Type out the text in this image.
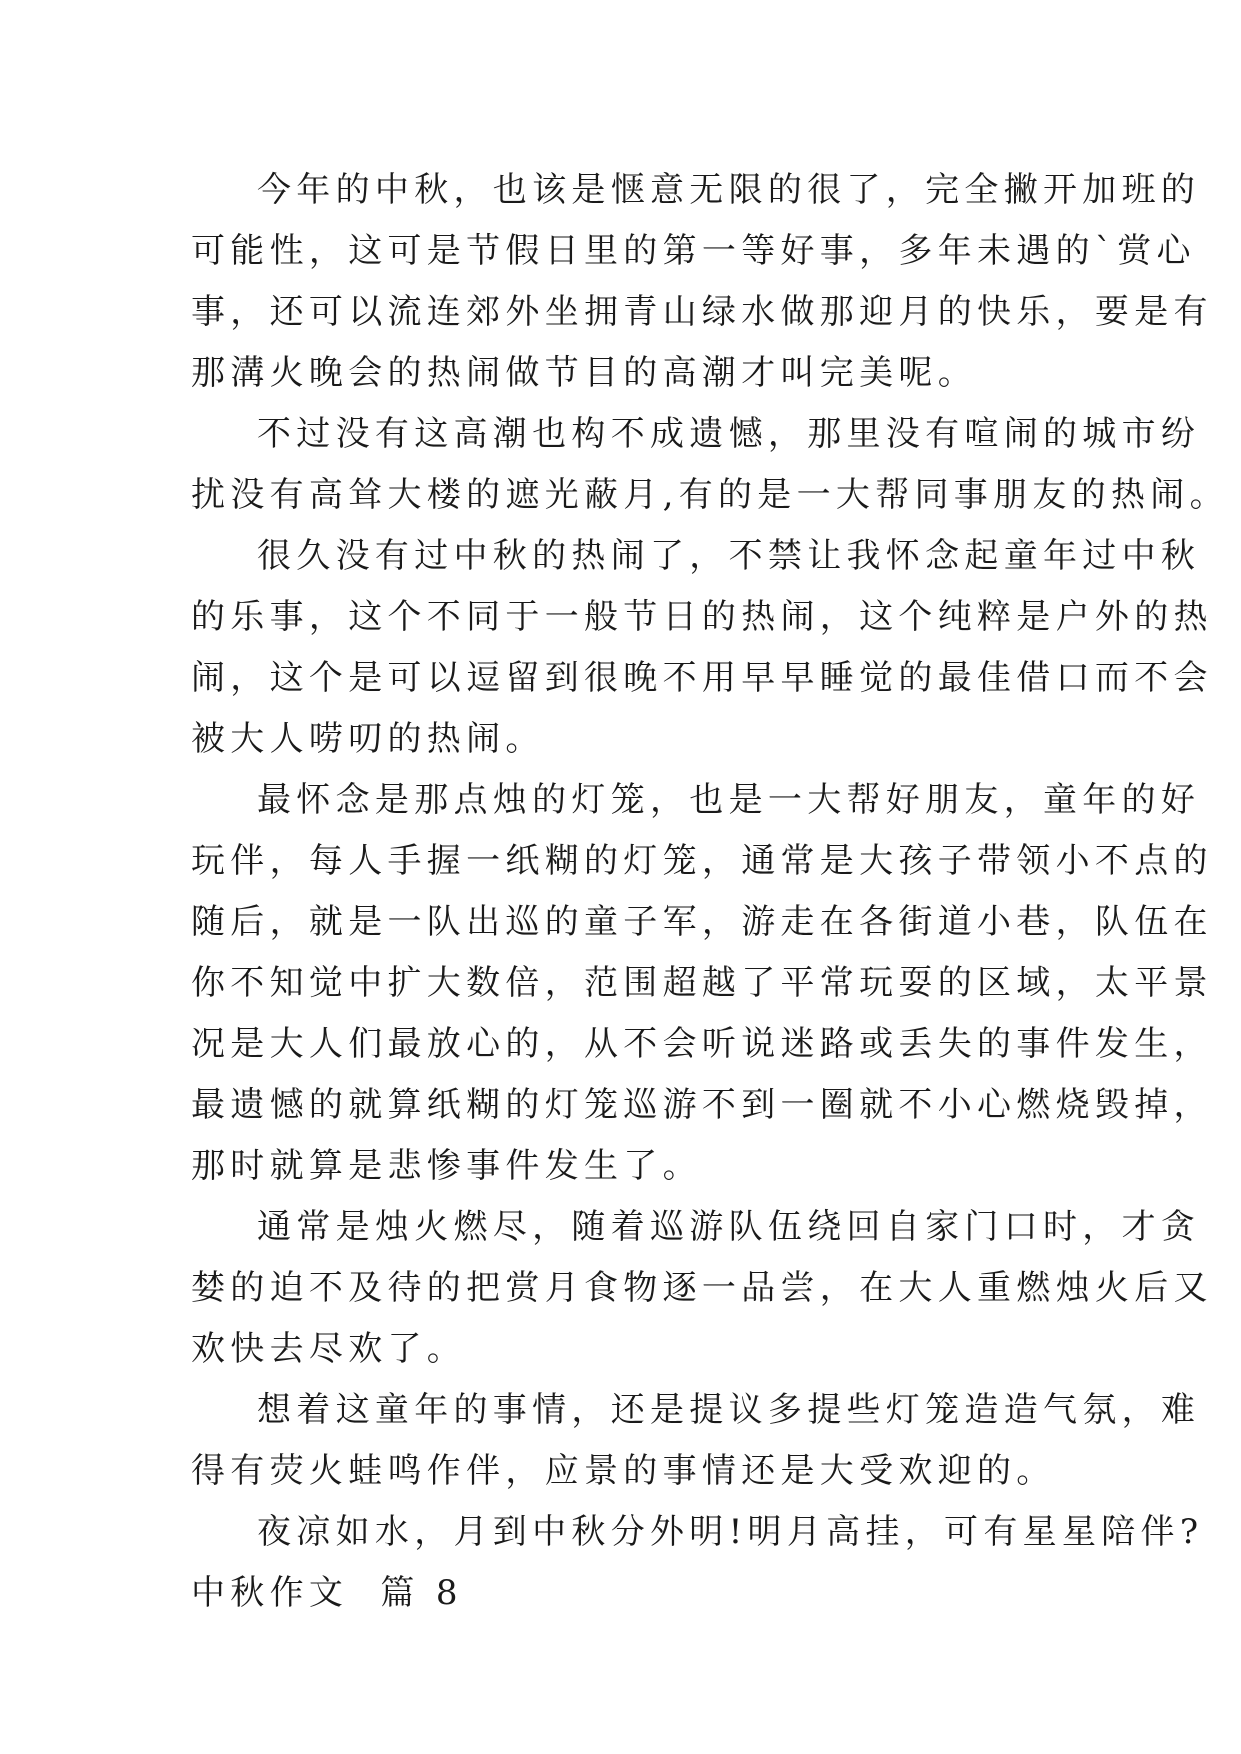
今年的中秋，也该是惬意无限的很了，完全撇开加班的
可能性，这可是节假日里的第一等好事，多年未遇的`赏心
事，还可以流连郊外坐拥青山绿水做那迎月的快乐，要是有
那溝火晚会的热闹做节目的高潮才叫完美呢。
不过没有这高潮也构不成遗憾，那里没有喧闹的城市纷
扰没有高耸大楼的遮光蔽月,有的是一大帮同事朋友的热闹。
很久没有过中秋的热闹了，不禁让我怀念起童年过中秋
的乐事，这个不同于一般节日的热闹，这个纯粹是户外的热
闹，这个是可以逗留到很晚不用早早睡觉的最佳借口而不会
被大人唠叨的热闹。
最怀念是那点烛的灯笼，也是一大帮好朋友，童年的好
玩伴，每人手握一纸糊的灯笼，通常是大孩子带领小不点的
随后，就是一队出巡的童子军，游走在各街道小巷，队伍在
你不知觉中扩大数倍，范围超越了平常玩耍的区域，太平景
况是大人们最放心的，从不会听说迷路或丢失的事件发生，
最遗憾的就算纸糊的灯笼巡游不到一圈就不小心燃烧毁掉，
那时就算是悲惨事件发生了。
通常是烛火燃尽，随着巡游队伍绕回自家门口时，才贪
婪的迫不及待的把赏月食物逐一品尝，在大人重燃烛火后又
欢快去尽欢了。
想着这童年的事情，还是提议多提些灯笼造造气氛，难
得有荧火蛙鸣作伴，应景的事情还是大受欢迎的。
夜凉如水，月到中秋分外明!明月高挂，可有星星陪伴?
中秋作文  篇 8
